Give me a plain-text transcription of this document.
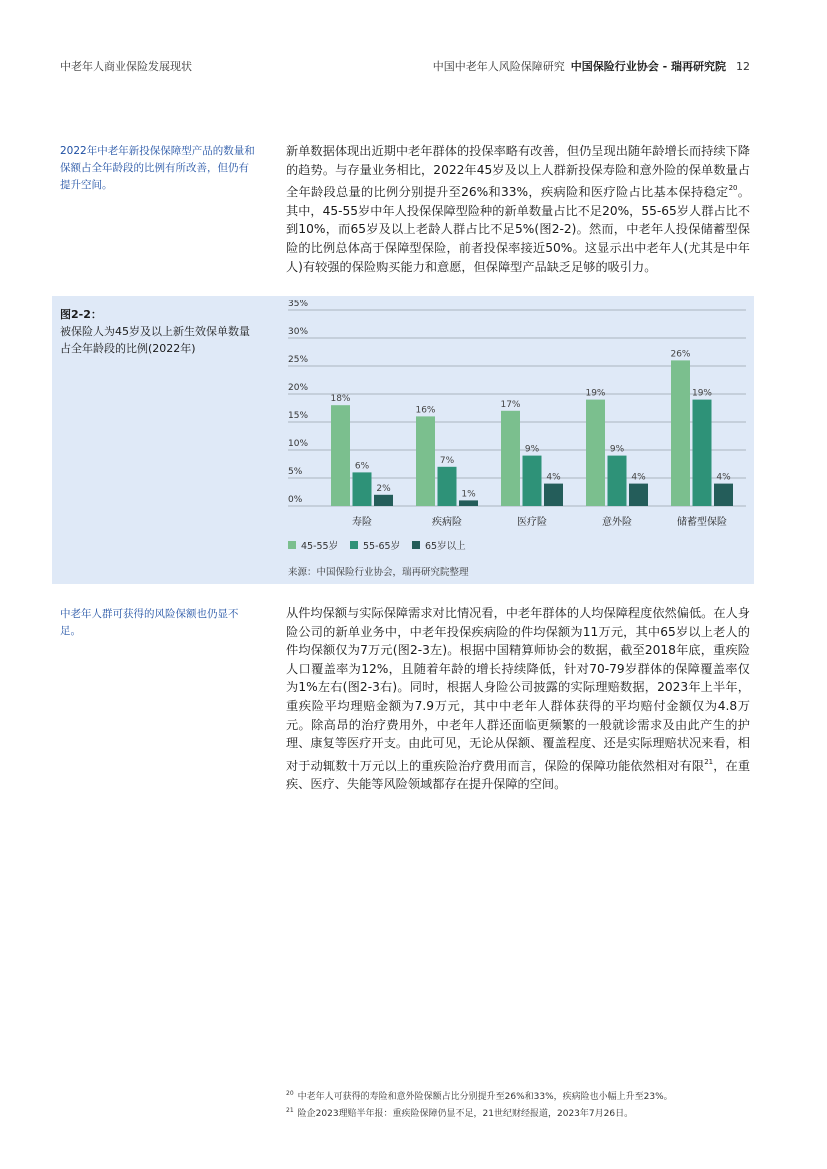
中老年人商业保险发展现状	中国中老年人风险保障研究 中国保险行业协会 - 瑞再研究院 12
2022年中老年新投保保障型产品的数量和保额占全年龄段的比例有所改善，但仍有提升空间。
新单数据体现出近期中老年群体的投保率略有改善，但仍呈现出随年龄增长而持续下降的趋势。与存量业务相比，2022年45岁及以上人群新投保寿险和意外险的保单数量占全年龄段总量的比例分别提升至26%和33%，疾病险和医疗险占比基本保持稳定$^{20}$。其中，45-55岁中年人投保保障型险种的新单数量占比不足20%，55-65岁人群占比不到10%，而65岁及以上老龄人群占比不足5%(图2-2)。然而，中老年人投保储蓄型保险的比例总体高于保障型保险，前者投保率接近50%。这显示出中老年人(尤其是中年人)有较强的保险购买能力和意愿，但保障型产品缺乏足够的吸引力。
图2-2：
被保险人为45岁及以上新生效保单数量占全年龄段的比例(2022年)
0%
5%
10%
15%
20%
25%
30%
35%
18%
6%
2%
16%
7%
1%
17%
9%
4%
19%
9%
4%
26%
19%
4%
寿险	疾病险	医疗险	意外险	储蓄型保险
45-55岁	55-65岁	65岁以上
来源：中国保险行业协会，瑞再研究院整理
中老年人群可获得的风险保额也仍显不足。
从件均保额与实际保障需求对比情况看，中老年群体的人均保障程度依然偏低。在人身险公司的新单业务中，中老年投保疾病险的件均保额为11万元，其中65岁以上老人的件均保额仅为7万元(图2-3左)。根据中国精算师协会的数据，截至2018年底，重疾险人口覆盖率为12%，且随着年龄的增长持续降低，针对70-79岁群体的保障覆盖率仅为1%左右(图2-3右)。同时，根据人身险公司披露的实际理赔数据，2023年上半年，重疾险平均理赔金额为7.9万元，其中中老年人群体获得的平均赔付金额仅为4.8万元。除高昂的治疗费用外，中老年人群还面临更频繁的一般就诊需求及由此产生的护理、康复等医疗开支。由此可见，无论从保额、覆盖程度、还是实际理赔状况来看，相对于动辄数十万元以上的重疾险治疗费用而言，保险的保障功能依然相对有限$^{21}$，在重疾、医疗、失能等风险领域都存在提升保障的空间。
$^{20}$ 中老年人可获得的寿险和意外险保额占比分别提升至26%和33%，疾病险也小幅上升至23%。
$^{21}$ 险企2023理赔半年报：重疾险保障仍显不足，21世纪财经报道，2023年7月26日。
